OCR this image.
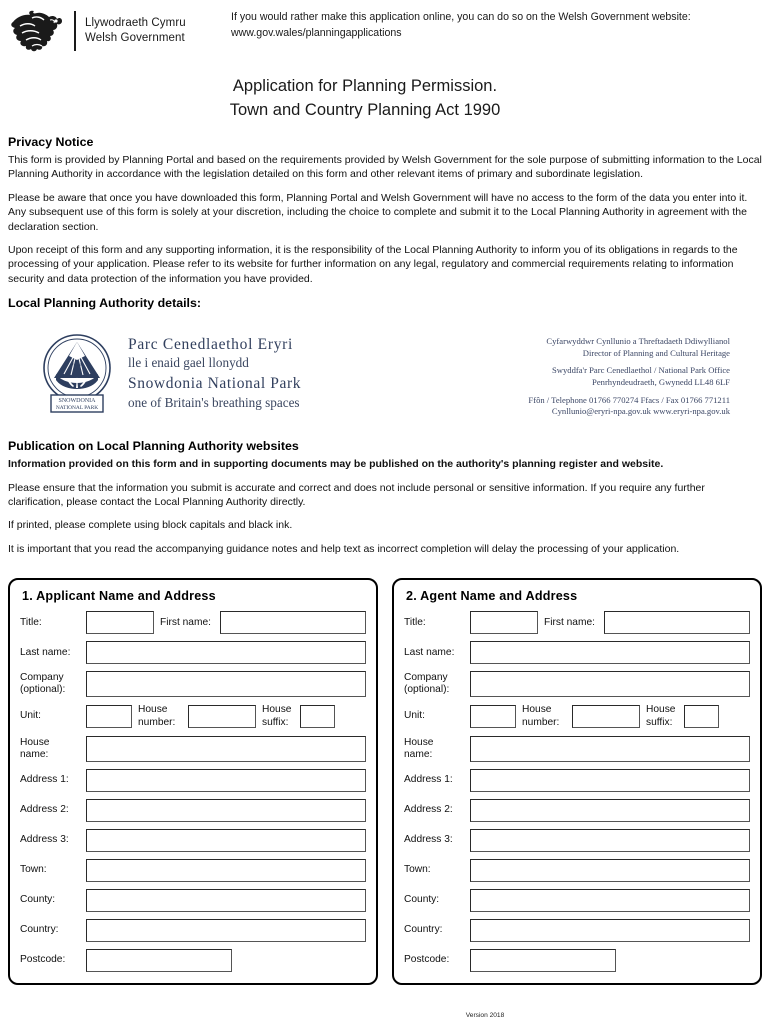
Llywodraeth Cymru
Welsh Government
If you would rather make this application online, you can do so on the Welsh Government website: www.gov.wales/planningapplications
Application for Planning Permission.
Town and Country Planning Act 1990
Privacy Notice

This form is provided by Planning Portal and based on the requirements provided by Welsh Government for the sole purpose of submitting information to the Local Planning Authority in accordance with the legislation detailed on this form and other relevant items of primary and subordinate legislation.

Please be aware that once you have downloaded this form, Planning Portal and Welsh Government will have no access to the form of the data you enter into it. Any subsequent use of this form is solely at your discretion, including the choice to complete and submit it to the Local Planning Authority in agreement with the declaration section.

Upon receipt of this form and any supporting information, it is the responsibility of the Local Planning Authority to inform you of its obligations in regards to the processing of your application. Please refer to its website for further information on any legal, regulatory and commercial requirements relating to information security and data protection of the information you have provided.

Local Planning Authority details:
PARC
SNOWDONIA
NATIONAL PARK
Parc Cenedlaethol Eryri
lle i enaid gael llonydd
Snowdonia National Park
one of Britain's breathing spaces
Cyfarwyddwr Cynllunio a Threftadaeth Ddiwyllianol
Director of Planning and Cultural Heritage
Swyddfa'r Parc Cenedlaethol / National Park Office
Penrhyndeudraeth, Gwynedd LL48 6LF
Ffôn / Telephone 01766 770274 Ffacs / Fax 01766 771211
Cynllunio@eryri-npa.gov.uk www.eryri-npa.gov.uk
Publication on Local Planning Authority websites

Information provided on this form and in supporting documents may be published on the authority's planning register and website.

Please ensure that the information you submit is accurate and correct and does not include personal or sensitive information. If you require any further clarification, please contact the Local Planning Authority directly.

If printed, please complete using block capitals and black ink.

It is important that you read the accompanying guidance notes and help text as incorrect completion will delay the processing of your application.

1. Applicant Name and Address
Title:	First name:
Last name:
Company
(optional):
Unit:
House
number:
House
suffix:
House
name:
Address 1:
Address 2:
Address 3:
Town:
County:
Country:
Postcode:
2. Agent Name and Address
Title:	First name:
Last name:
Company
(optional):
Unit:
House
number:
House
suffix:
House
name:
Address 1:
Address 2:
Address 3:
Town:
County:
Country:
Postcode:
Version 2018
